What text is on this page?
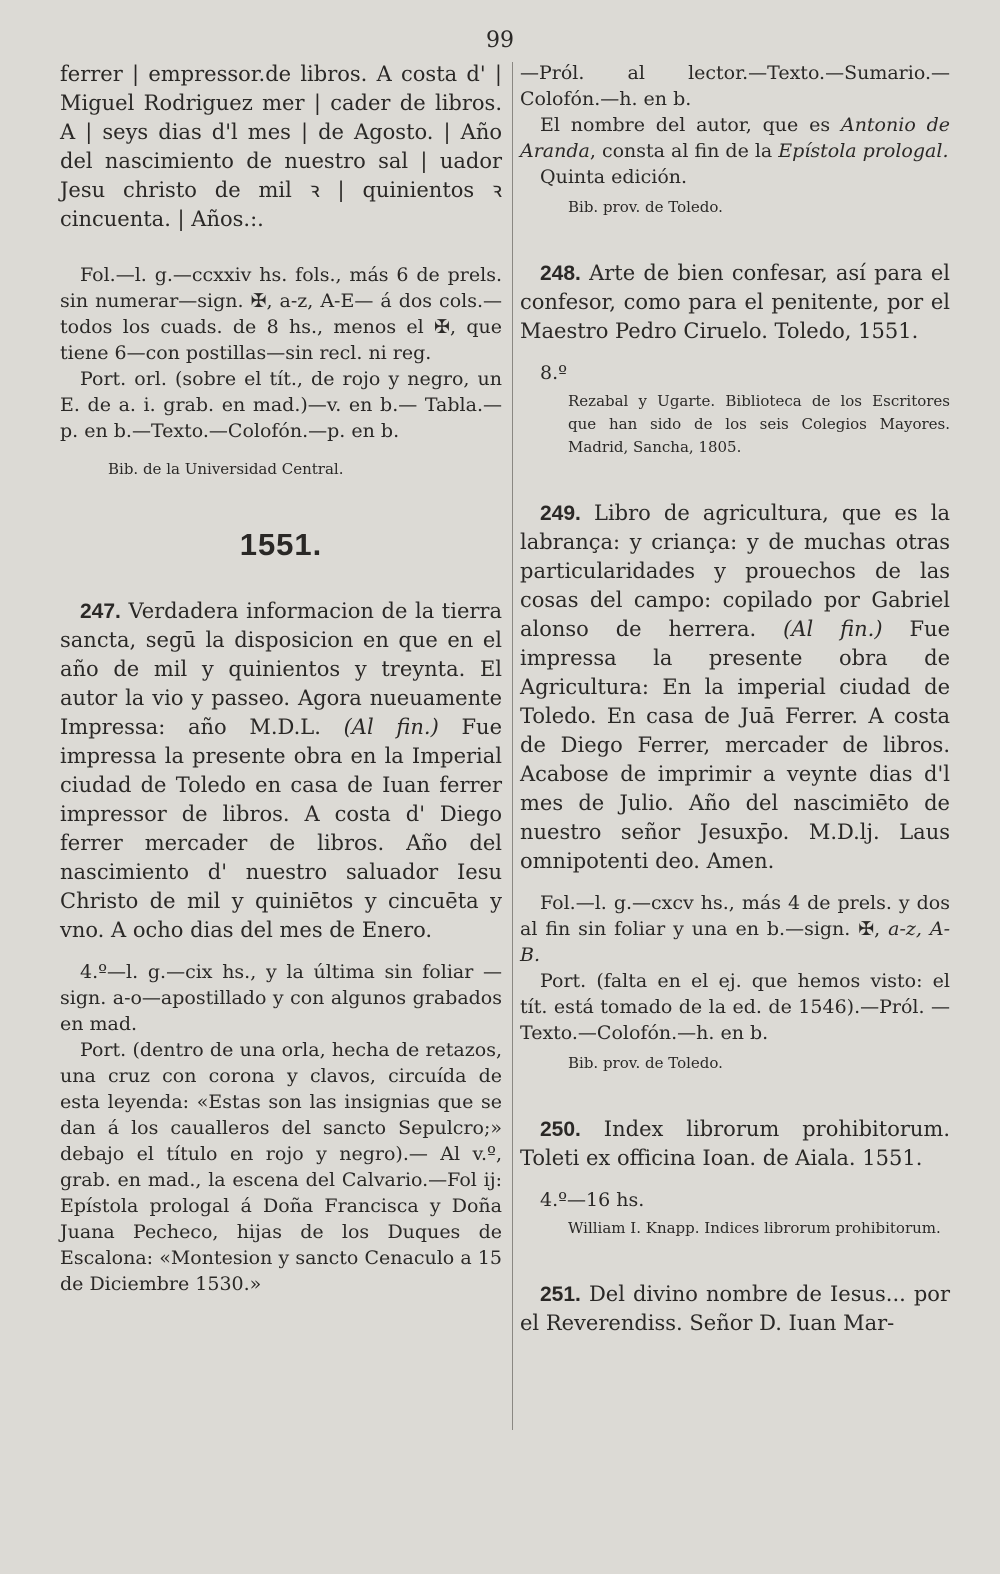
99

ferrer | empressor.de libros. A costa d' | Miguel Rodriguez mer | cader de libros. A | seys dias d'l mes | de Agosto. | Año del nascimiento de nuestro sal | uador Jesu christo de mil ꝛ | quinientos ꝛ cincuenta. | Años.:.

Fol.—l. g.—ccxxiv hs. fols., más 6 de prels. sin numerar—sign. ✠, a-z, A-E— á dos cols.—todos los cuads. de 8 hs., menos el ✠, que tiene 6—con postillas—sin recl. ni reg.

Port. orl. (sobre el tít., de rojo y negro, un E. de a. i. grab. en mad.)—v. en b.— Tabla.—p. en b.—Texto.—Colofón.—p. en b.

Bib. de la Universidad Central.

1551.

247. Verdadera informacion de la tierra sancta, segū la disposicion en que en el año de mil y quinientos y treynta. El autor la vio y passeo. Agora nueuamente Impressa: año M.D.L. (Al fin.) Fue impressa la presente obra en la Imperial ciudad de Toledo en casa de Iuan ferrer impressor de libros. A costa d' Diego ferrer mercader de libros. Año del nascimiento d' nuestro saluador Iesu Christo de mil y quiniētos y cincuēta y vno. A ocho dias del mes de Enero.

4.º—l. g.—cix hs., y la última sin foliar —sign. a-o—apostillado y con algunos grabados en mad.

Port. (dentro de una orla, hecha de retazos, una cruz con corona y clavos, circuída de esta leyenda: «Estas son las insignias que se dan á los caualleros del sancto Sepulcro;» debajo el título en rojo y negro).— Al v.º, grab. en mad., la escena del Calvario.—Fol ij: Epístola prologal á Doña Francisca y Doña Juana Pecheco, hijas de los Duques de Escalona: «Montesion y sancto Cenaculo a 15 de Diciembre 1530.»

—Pról. al lector.—Texto.—Sumario.—Colofón.—h. en b.

El nombre del autor, que es Antonio de Aranda, consta al fin de la Epístola prologal.

Quinta edición.

Bib. prov. de Toledo.

248. Arte de bien confesar, así para el confesor, como para el penitente, por el Maestro Pedro Ciruelo. Toledo, 1551.

8.º

Rezabal y Ugarte. Biblioteca de los Escritores que han sido de los seis Colegios Mayores. Madrid, Sancha, 1805.

249. Libro de agricultura, que es la labrança: y criança: y de muchas otras particularidades y prouechos de las cosas del campo: copilado por Gabriel alonso de herrera. (Al fin.) Fue impressa la presente obra de Agricultura: En la imperial ciudad de Toledo. En casa de Juā Ferrer. A costa de Diego Ferrer, mercader de libros. Acabose de imprimir a veynte dias d'l mes de Julio. Año del nascimiēto de nuestro señor Jesuxp̄o. M.D.lj. Laus omnipotenti deo. Amen.

Fol.—l. g.—cxcv hs., más 4 de prels. y dos al fin sin foliar y una en b.—sign. ✠, a-z, A-B.

Port. (falta en el ej. que hemos visto: el tít. está tomado de la ed. de 1546).—Pról. —Texto.—Colofón.—h. en b.

Bib. prov. de Toledo.

250. Index librorum prohibitorum. Toleti ex officina Ioan. de Aiala. 1551.

4.º—16 hs.

William I. Knapp. Indices librorum prohibitorum.

251. Del divino nombre de Iesus... por el Reverendiss. Señor D. Iuan Mar-
